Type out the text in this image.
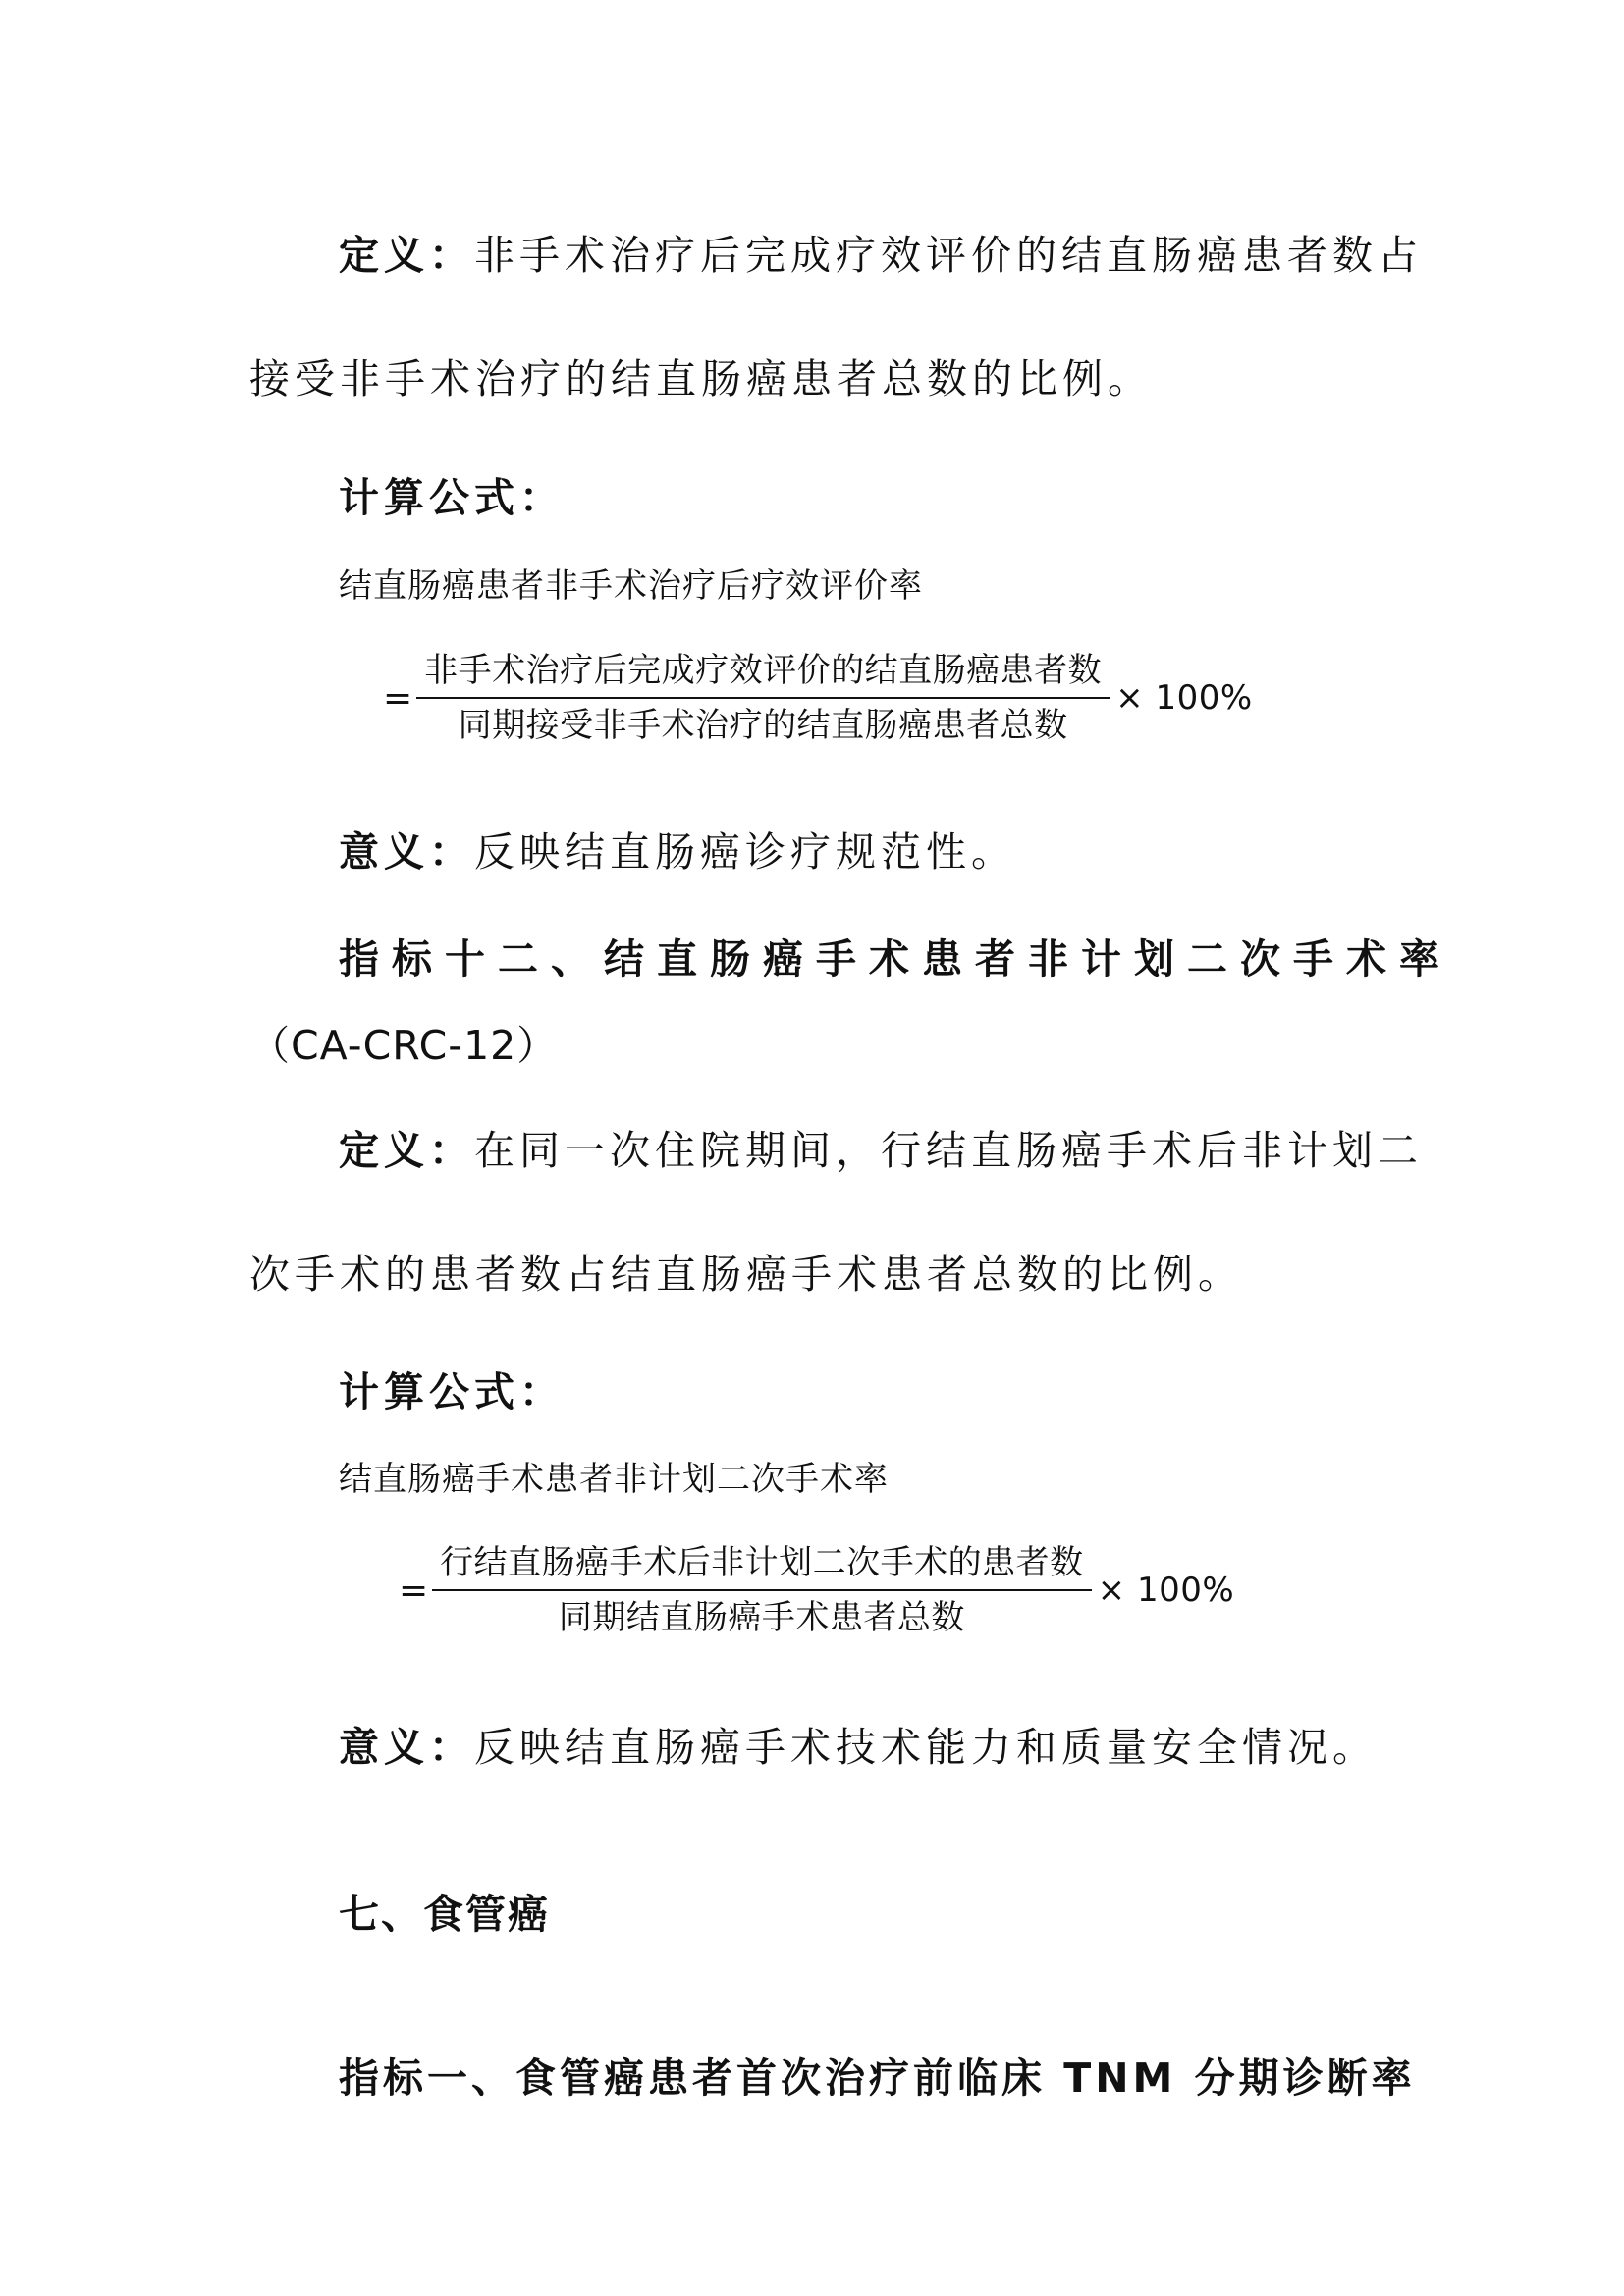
定义：非手术治疗后完成疗效评价的结直肠癌患者数占

接受非手术治疗的结直肠癌患者总数的比例。

计算公式：

结直肠癌患者非手术治疗后疗效评价率

= $\frac{\text{非手术治疗后完成疗效评价的结直肠癌患者数}}{\text{同期接受非手术治疗的结直肠癌患者总数}} \times 100\%$

意义：反映结直肠癌诊疗规范性。

指标十二、结直肠癌手术患者非计划二次手术率

（CA-CRC-12）

定义：在同一次住院期间，行结直肠癌手术后非计划二

次手术的患者数占结直肠癌手术患者总数的比例。

计算公式：

结直肠癌手术患者非计划二次手术率

= $\frac{\text{行结直肠癌手术后非计划二次手术的患者数}}{\text{同期结直肠癌手术患者总数}} \times 100\%$

意义：反映结直肠癌手术技术能力和质量安全情况。

七、食管癌

指标一、食管癌患者首次治疗前临床 TNM 分期诊断率
